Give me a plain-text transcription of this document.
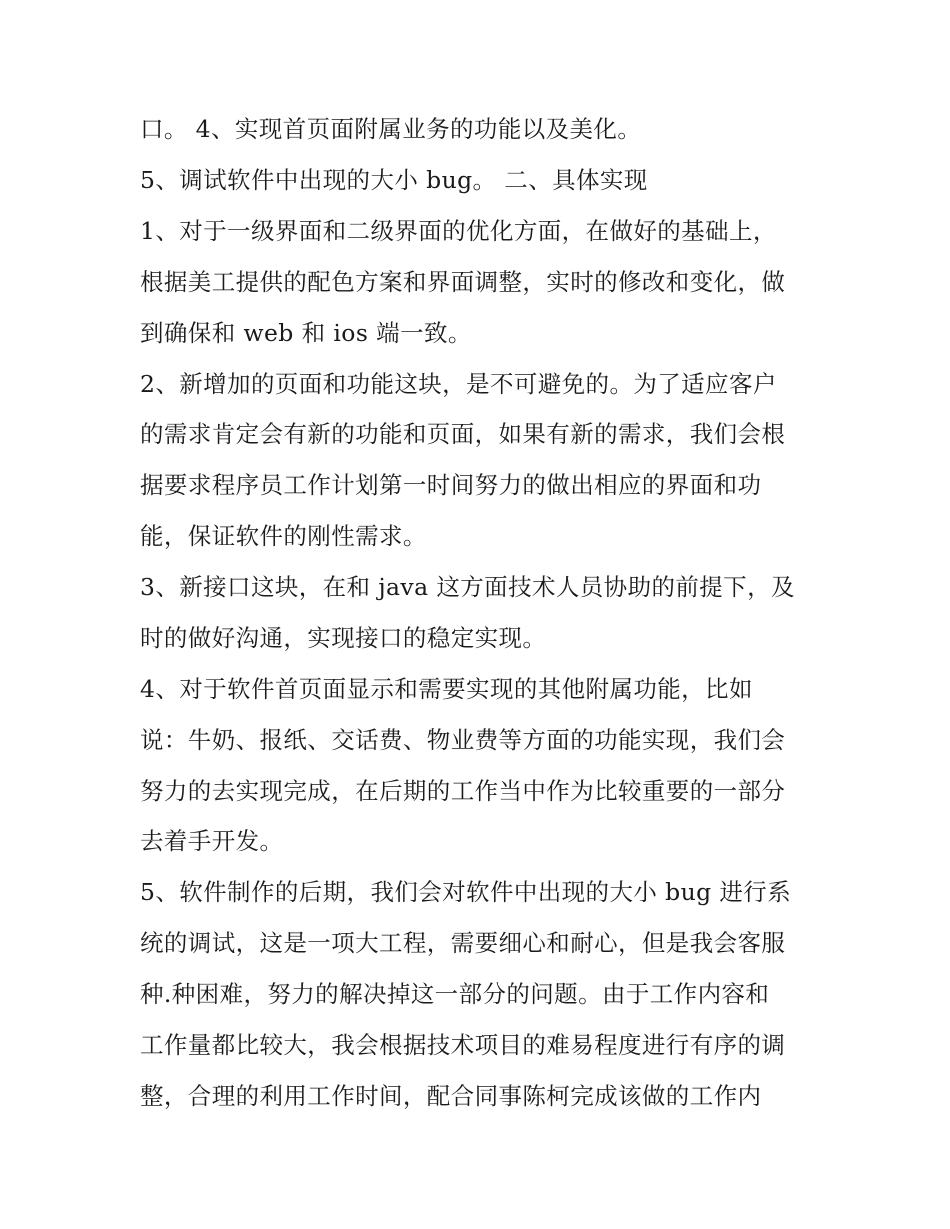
口。 4、实现首页面附属业务的功能以及美化。
5、调试软件中出现的大小 bug。 二、具体实现
1、对于一级界面和二级界面的优化方面，在做好的基础上，
根据美工提供的配色方案和界面调整，实时的修改和变化，做
到确保和 web 和 ios 端一致。
2、新增加的页面和功能这块，是不可避免的。为了适应客户
的需求肯定会有新的功能和页面，如果有新的需求，我们会根
据要求程序员工作计划第一时间努力的做出相应的界面和功
能，保证软件的刚性需求。
3、新接口这块，在和 java 这方面技术人员协助的前提下，及
时的做好沟通，实现接口的稳定实现。
4、对于软件首页面显示和需要实现的其他附属功能，比如
说：牛奶、报纸、交话费、物业费等方面的功能实现，我们会
努力的去实现完成，在后期的工作当中作为比较重要的一部分
去着手开发。
5、软件制作的后期，我们会对软件中出现的大小 bug 进行系
统的调试，这是一项大工程，需要细心和耐心，但是我会客服
种.种困难，努力的解决掉这一部分的问题。由于工作内容和
工作量都比较大，我会根据技术项目的难易程度进行有序的调
整，合理的利用工作时间，配合同事陈柯完成该做的工作内
